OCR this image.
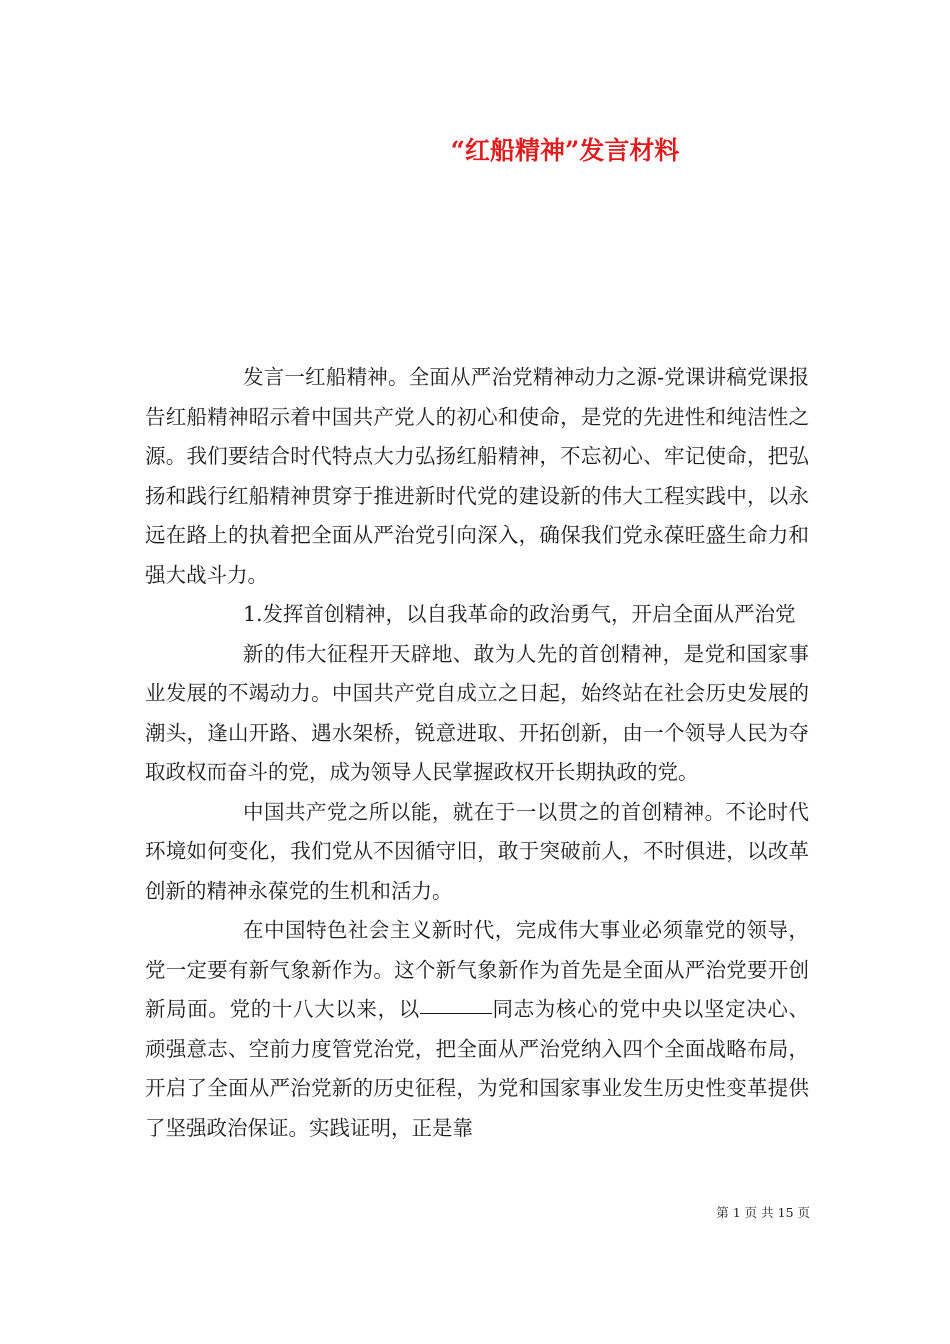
“红船精神”发言材料

发言一红船精神。全面从严治党精神动力之源-党课讲稿党课报告红船精神昭示着中国共产党人的初心和使命，是党的先进性和纯洁性之源。我们要结合时代特点大力弘扬红船精神，不忘初心、牢记使命，把弘扬和践行红船精神贯穿于推进新时代党的建设新的伟大工程实践中，以永远在路上的执着把全面从严治党引向深入，确保我们党永葆旺盛生命力和强大战斗力。

1.发挥首创精神，以自我革命的政治勇气，开启全面从严治党

新的伟大征程开天辟地、敢为人先的首创精神，是党和国家事业发展的不竭动力。中国共产党自成立之日起，始终站在社会历史发展的潮头，逢山开路、遇水架桥，锐意进取、开拓创新，由一个领导人民为夺取政权而奋斗的党，成为领导人民掌握政权开长期执政的党。

中国共产党之所以能，就在于一以贯之的首创精神。不论时代环境如何变化，我们党从不因循守旧，敢于突破前人，不时俱进，以改革创新的精神永葆党的生机和活力。

在中国特色社会主义新时代，完成伟大事业必须靠党的领导，党一定要有新气象新作为。这个新气象新作为首先是全面从严治党要开创新局面。党的十八大以来，以	同志为核心的党中央以坚定决心、顽强意志、空前力度管党治党，把全面从严治党纳入四个全面战略布局，开启了全面从严治党新的历史征程，为党和国家事业发生历史性变革提供了坚强政治保证。实践证明，正是靠

第 1 页 共 15 页
